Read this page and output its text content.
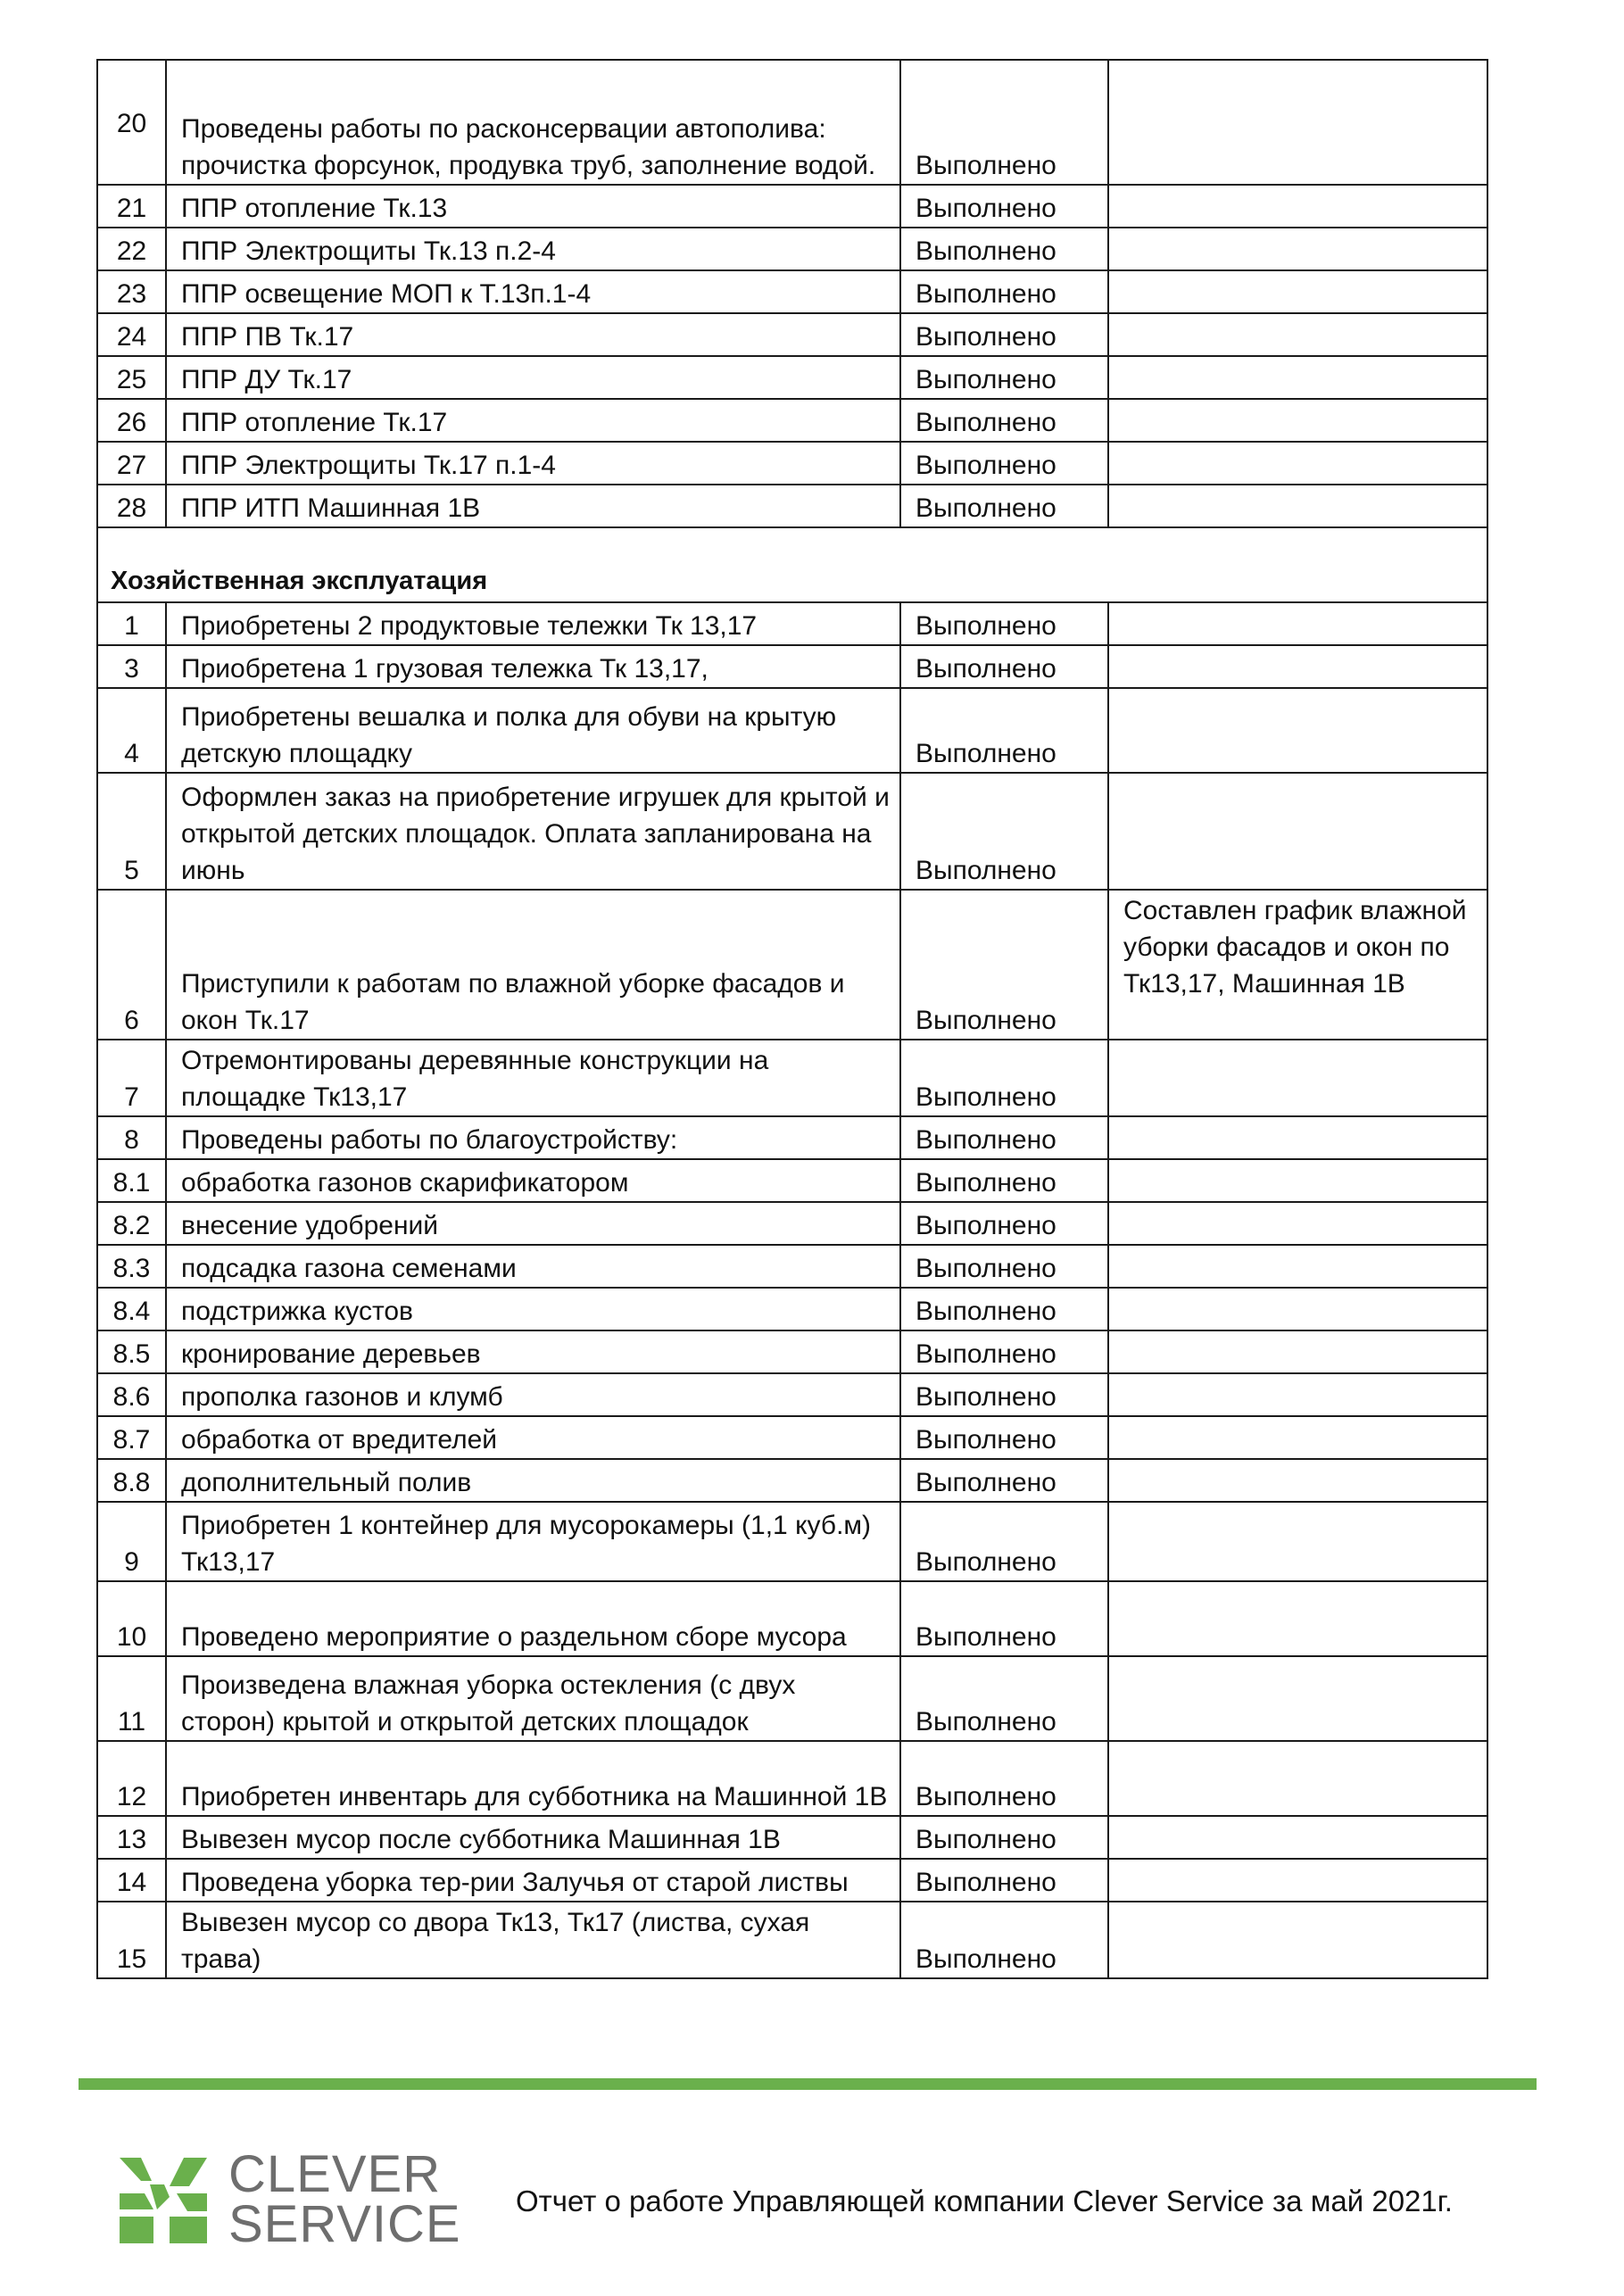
20	Проведены работы по расконсервации автополива: прочистка форсунок, продувка труб, заполнение водой.	Выполнено	
21	ППР отопление Тк.13	Выполнено	
22	ППР Электрощиты Тк.13 п.2-4	Выполнено	
23	ППР освещение МОП к Т.13п.1-4	Выполнено	
24	ППР ПВ Тк.17	Выполнено	
25	ППР ДУ Тк.17	Выполнено	
26	ППР отопление Тк.17	Выполнено	
27	ППР Электрощиты Тк.17 п.1-4	Выполнено	
28	ППР ИТП Машинная 1В	Выполнено	
Хозяйственная эксплуатация			
1	Приобретены 2 продуктовые тележки Тк 13,17	Выполнено	
3	Приобретена 1 грузовая тележка Тк 13,17,	Выполнено	
4	Приобретены вешалка и полка для обуви на крытую детскую площадку	Выполнено	
5	Оформлен заказ на приобретение игрушек для крытой и открытой детских площадок. Оплата запланирована на июнь	Выполнено	
6	Приступили к работам по влажной уборке фасадов и окон Тк.17	Выполнено	Составлен график влажной уборки фасадов и окон по Тк13,17, Машинная 1В
7	Отремонтированы деревянные конструкции на площадке Тк13,17	Выполнено	
8	Проведены работы по благоустройству:	Выполнено	
8.1	обработка газонов скарификатором	Выполнено	
8.2	внесение удобрений	Выполнено	
8.3	подсадка газона семенами	Выполнено	
8.4	подстрижка кустов	Выполнено	
8.5	кронирование деревьев	Выполнено	
8.6	прополка газонов и клумб	Выполнено	
8.7	обработка от вредителей	Выполнено	
8.8	дополнительный полив	Выполнено	
9	Приобретен 1 контейнер для мусорокамеры (1,1 куб.м) Тк13,17	Выполнено	
10	Проведено мероприятие о раздельном сборе мусора	Выполнено	
11	Произведена влажная уборка остекления (с двух сторон) крытой и открытой детских площадок	Выполнено	
12	Приобретен инвентарь для субботника на Машинной 1В	Выполнено	
13	Вывезен мусор после субботника Машинная 1В	Выполнено	
14	Проведена уборка тер-рии Залучья от старой листвы	Выполнено	
15	Вывезен мусор со двора Тк13, Тк17 (листва, сухая трава)	Выполнено	
CLEVER
SERVICE Отчет о работе Управляющей компании Clever Service за май 2021г.
